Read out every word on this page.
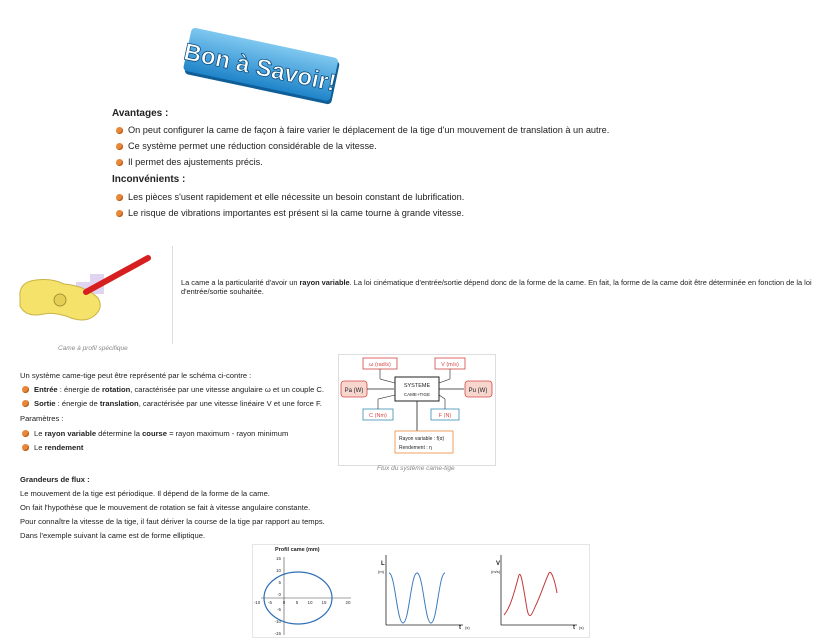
Bon à Savoir!
Avantages :
On peut configurer la came de façon à faire varier le déplacement de la tige d'un mouvement de translation à un autre.
Ce système permet une réduction considérable de la vitesse.
Il permet des ajustements précis.
Inconvénients :
Les pièces s'usent rapidement et elle nécessite un besoin constant de lubrification.
Le risque de vibrations importantes est présent si la came tourne à grande vitesse.
Came à profil spécifique
La came a la particularité d'avoir un rayon variable. La loi cinématique d'entrée/sortie dépend donc de la forme de la came. En fait, la forme de la came doit être déterminée en fonction de la loi d'entrée/sortie souhaitée.
Un système came-tige peut être représenté par le schéma ci-contre :
Entrée : énergie de rotation, caractérisée par une vitesse angulaire ω et un couple C.
Sortie : énergie de translation, caractérisée par une vitesse linéaire V et une force F.
Paramètres :
Le rayon variable détermine la course = rayon maximum - rayon minimum
Le rendement
ω (rad/s)	V (m/s)
Pa (W)
SYSTEME
CAME+TIGE
Pu (W)
C (Nm)	F (N)
Rayon variable : f(α)
Rendement : η
Flux du système came-tige
Grandeurs de flux :
Le mouvement de la tige est périodique. Il dépend de la forme de la came.
On fait l'hypothèse que le mouvement de rotation se fait à vitesse angulaire constante.
Pour connaître la vitesse de la tige, il faut dériver la course de la tige par rapport au temps.
Dans l'exemple suivant la came est de forme elliptique.
Profil came (mm)
-10 -5 0 5 10 15	20
15
10
5
0
-5
-10
-15
L
(m)
t (s)
V
(m/s)
t (s)
